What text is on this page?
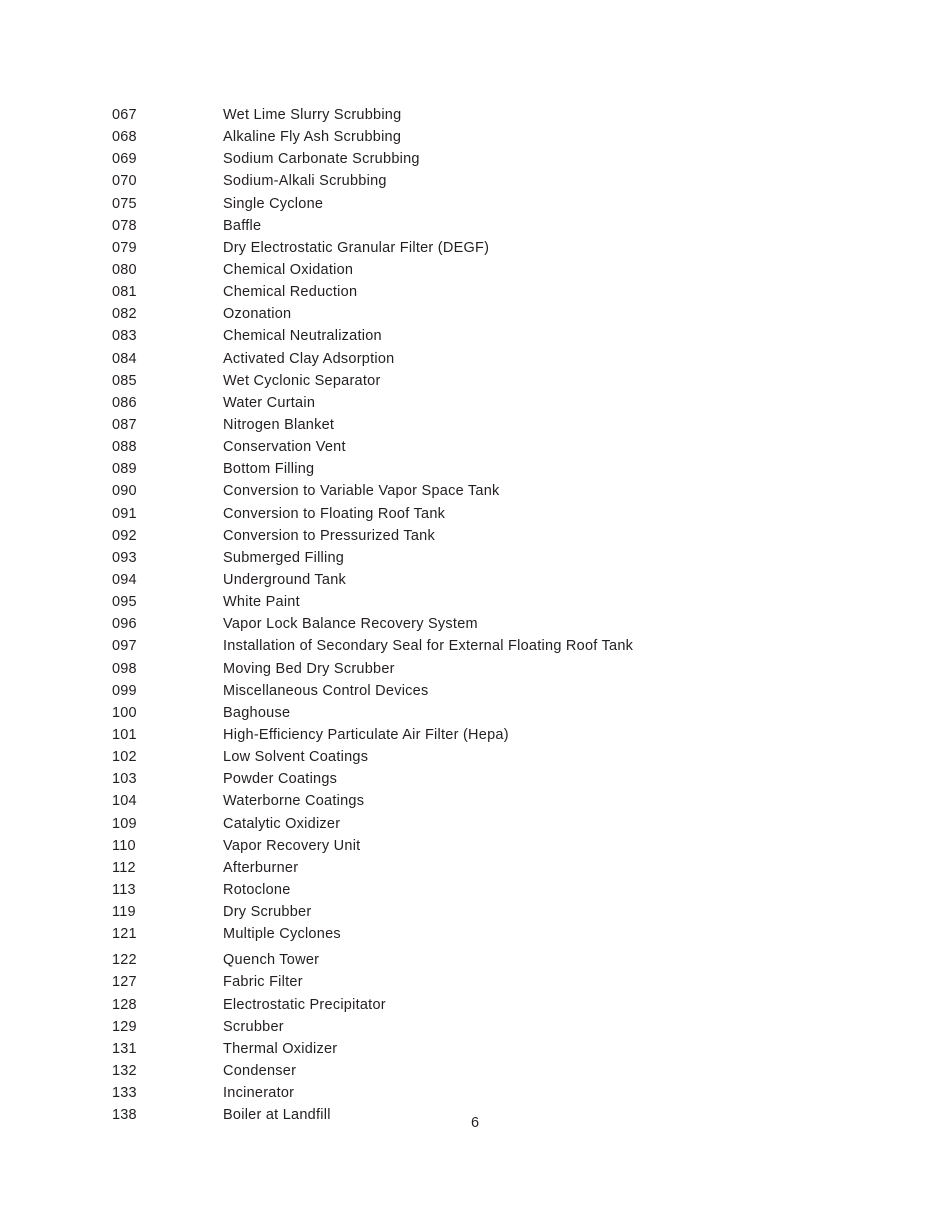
067	Wet Lime Slurry Scrubbing
068	Alkaline Fly Ash Scrubbing
069	Sodium Carbonate Scrubbing
070	Sodium-Alkali Scrubbing
075	Single Cyclone
078	Baffle
079	Dry Electrostatic Granular Filter (DEGF)
080	Chemical Oxidation
081	Chemical Reduction
082	Ozonation
083	Chemical Neutralization
084	Activated Clay Adsorption
085	Wet Cyclonic Separator
086	Water Curtain
087	Nitrogen Blanket
088	Conservation Vent
089	Bottom Filling
090	Conversion to Variable Vapor Space Tank
091	Conversion to Floating Roof Tank
092	Conversion to Pressurized Tank
093	Submerged Filling
094	Underground Tank
095	White Paint
096	Vapor Lock Balance Recovery System
097	Installation of Secondary Seal for External Floating Roof Tank
098	Moving Bed Dry Scrubber
099	Miscellaneous Control Devices
100	Baghouse
101	High-Efficiency Particulate Air Filter (Hepa)
102	Low Solvent Coatings
103	Powder Coatings
104	Waterborne Coatings
109	Catalytic Oxidizer
110	Vapor Recovery Unit
112	Afterburner
113	Rotoclone
119	Dry Scrubber
121	Multiple Cyclones
122	Quench Tower
127	Fabric Filter
128	Electrostatic Precipitator
129	Scrubber
131	Thermal Oxidizer
132	Condenser
133	Incinerator
138	Boiler at Landfill	6
